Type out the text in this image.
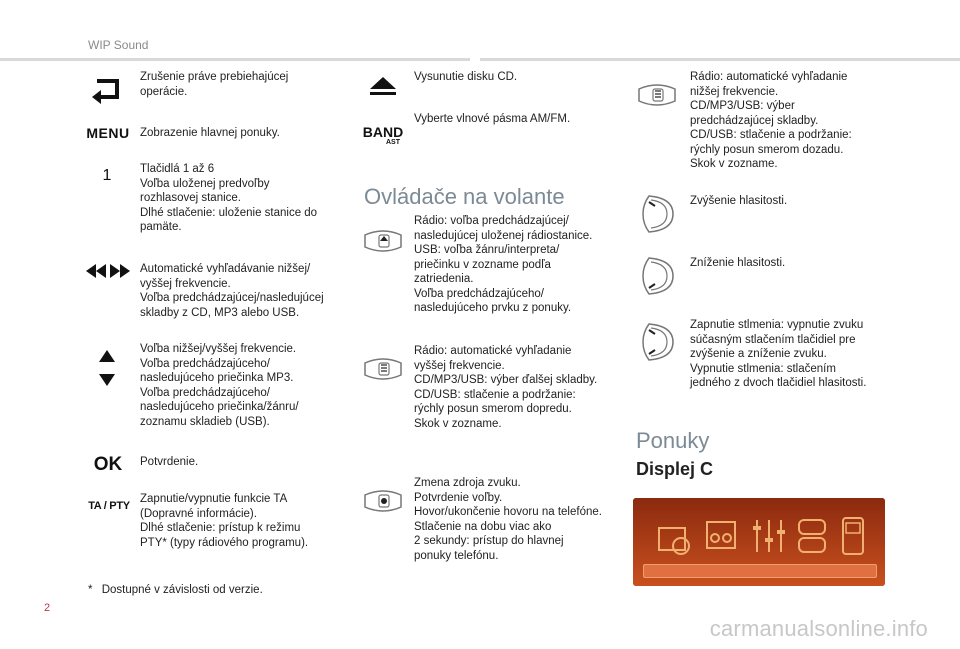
WIP Sound
Zrušenie práve prebiehajúcej
operácie.
MENU Zobrazenie hlavnej ponuky.
1 Tlačidlá 1 až 6
Voľba uloženej predvoľby
rozhlasovej stanice.
Dlhé stlačenie: uloženie stanice do
pamäte.
Automatické vyhľadávanie nižšej/
vyššej frekvencie.
Voľba predchádzajúcej/nasledujúcej
skladby z CD, MP3 alebo USB.
Voľba nižšej/vyššej frekvencie.
Voľba predchádzajúceho/
nasledujúceho priečinka MP3.
Voľba predchádzajúceho/
nasledujúceho priečinka/žánru/
zoznamu skladieb (USB).
OK Potvrdenie.
TA / PTY
Zapnutie/vypnutie funkcie TA
(Dopravné informácie).
Dlhé stlačenie: prístup k režimu
PTY* (typy rádiového programu).
* Dostupné v závislosti od verzie.
Vysunutie disku CD.
BAND
AST
Vyberte vlnové pásma AM/FM.
Ovládače na volante
Rádio: voľba predchádzajúcej/
nasledujúcej uloženej rádiostanice.
USB: voľba žánru/interpreta/
priečinku v zozname podľa
zatriedenia.
Voľba predchádzajúceho/
nasledujúceho prvku z ponuky.
Rádio: automatické vyhľadanie
vyššej frekvencie.
CD/MP3/USB: výber ďalšej skladby.
CD/USB: stlačenie a podržanie:
rýchly posun smerom dopredu.
Skok v zozname.
Zmena zdroja zvuku.
Potvrdenie voľby.
Hovor/ukončenie hovoru na telefóne.
Stlačenie na dobu viac ako
2 sekundy: prístup do hlavnej
ponuky telefónu.
Rádio: automatické vyhľadanie
nižšej frekvencie.
CD/MP3/USB: výber
predchádzajúcej skladby.
CD/USB: stlačenie a podržanie:
rýchly posun smerom dozadu.
Skok v zozname.
Zvýšenie hlasitosti.
Zníženie hlasitosti.
Zapnutie stlmenia: vypnutie zvuku
súčasným stlačením tlačidiel pre
zvýšenie a zníženie zvuku.
Vypnutie stlmenia: stlačením
jedného z dvoch tlačidiel hlasitosti.
Ponuky
Displej C
2
carmanualsonline.info
